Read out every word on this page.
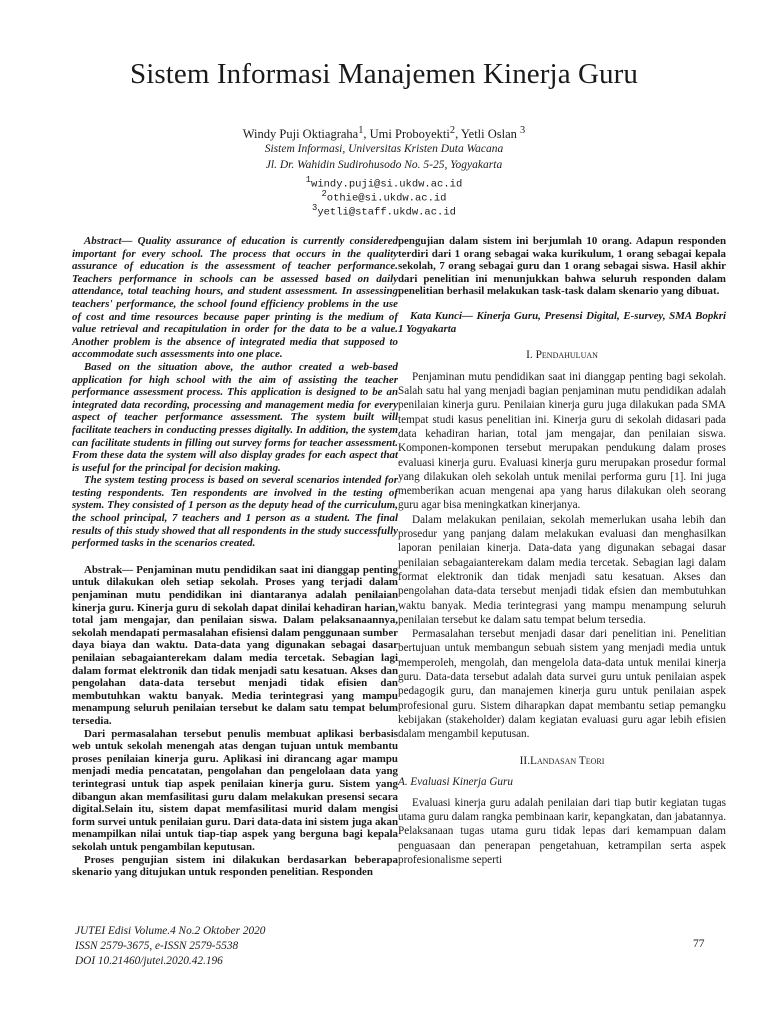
Sistem Informasi Manajemen Kinerja Guru
Windy Puji Oktiagraha$^1$, Umi Proboyekti$^2$, Yetli Oslan $^3$
Sistem Informasi, Universitas Kristen Duta Wacana
Jl. Dr. Wahidin Sudirohusodo No. 5-25, Yogyakarta
$^1$windy.puji@si.ukdw.ac.id
$^2$othie@si.ukdw.ac.id
$^3$yetli@staff.ukdw.ac.id

Abstract— Quality assurance of education is currently considered important for every school. The process that occurs in the quality assurance of education is the assessment of teacher performance. Teachers performance in schools can be assessed based on daily attendance, total teaching hours, and student assessment. In assessing teachers' performance, the school found efficiency problems in the use of cost and time resources because paper printing is the medium of value retrieval and recapitulation in order for the data to be a value. Another problem is the absence of integrated media that supposed to accommodate such assessments into one place.

Based on the situation above, the author created a web-based application for high school with the aim of assisting the teacher performance assessment process. This application is designed to be an integrated data recording, processing and management media for every aspect of teacher performance assessment. The system built will facilitate teachers in conducting presses digitally. In addition, the system can facilitate students in filling out survey forms for teacher assessment. From these data the system will also display grades for each aspect that is useful for the principal for decision making.

The system testing process is based on several scenarios intended for testing respondents. Ten respondents are involved in the testing of system. They consisted of 1 person as the deputy head of the curriculum, the school principal, 7 teachers and 1 person as a student. The final results of this study showed that all respondents in the study successfully performed tasks in the scenarios created.

Abstrak— Penjaminan mutu pendidikan saat ini dianggap penting untuk dilakukan oleh setiap sekolah. Proses yang terjadi dalam penjaminan mutu pendidikan ini diantaranya adalah penilaian kinerja guru. Kinerja guru di sekolah dapat dinilai kehadiran harian, total jam mengajar, dan penilaian siswa. Dalam pelaksanaannya, sekolah mendapati permasalahan efisiensi dalam penggunaan sumber daya biaya dan waktu. Data-data yang digunakan sebagai dasar penilaian sebagaianterekam dalam media tercetak. Sebagian lagi dalam format elektronik dan tidak menjadi satu kesatuan. Akses dan pengolahan data-data tersebut menjadi tidak efisien dan membutuhkan waktu banyak. Media terintegrasi yang mampu menampung seluruh penilaian tersebut ke dalam satu tempat belum tersedia.

Dari permasalahan tersebut penulis membuat aplikasi berbasis web untuk sekolah menengah atas dengan tujuan untuk membantu proses penilaian kinerja guru. Aplikasi ini dirancang agar mampu menjadi media pencatatan, pengolahan dan pengelolaan data yang terintegrasi untuk tiap aspek penilaian kinerja guru. Sistem yang dibangun akan memfasilitasi guru dalam melakukan presensi secara digital.Selain itu, sistem dapat memfasilitasi murid dalam mengisi form survei untuk penilaian guru. Dari data-data ini sistem juga akan menampilkan nilai untuk tiap-tiap aspek yang berguna bagi kepala sekolah untuk pengambilan keputusan.

Proses pengujian sistem ini dilakukan berdasarkan beberapa skenario yang ditujukan untuk responden penelitian. Responden

pengujian dalam sistem ini berjumlah 10 orang. Adapun responden terdiri dari 1 orang sebagai waka kurikulum, 1 orang sebagai kepala sekolah, 7 orang sebagai guru dan 1 orang sebagai siswa. Hasil akhir dari penelitian ini menunjukkan bahwa seluruh responden dalam penelitian berhasil melakukan task-task dalam skenario yang dibuat.

Kata Kunci— Kinerja Guru, Presensi Digital, E-survey, SMA Bopkri 1 Yogyakarta

I. Pendahuluan

Penjaminan mutu pendidikan saat ini dianggap penting bagi sekolah. Salah satu hal yang menjadi bagian penjaminan mutu pendidikan adalah penilaian kinerja guru. Penilaian kinerja guru juga dilakukan pada SMA tempat studi kasus penelitian ini. Kinerja guru di sekolah didasari pada data kehadiran harian, total jam mengajar, dan penilaian siswa. Komponen-komponen tersebut merupakan pendukung dalam proses evaluasi kinerja guru. Evaluasi kinerja guru merupakan prosedur formal yang dilakukan oleh sekolah untuk menilai performa guru [1]. Ini juga memberikan acuan mengenai apa yang harus dilakukan oleh seorang guru agar bisa meningkatkan kinerjanya.

Dalam melakukan penilaian, sekolah memerlukan usaha lebih dan prosedur yang panjang dalam melakukan evaluasi dan menghasilkan laporan penilaian kinerja. Data-data yang digunakan sebagai dasar penilaian sebagaianterekam dalam media tercetak. Sebagian lagi dalam format elektronik dan tidak menjadi satu kesatuan. Akses dan pengolahan data-data tersebut menjadi tidak efsien dan membutuhkan waktu banyak. Media terintegrasi yang mampu menampung seluruh penilaian tersebut ke dalam satu tempat belum tersedia.

Permasalahan tersebut menjadi dasar dari penelitian ini. Penelitian bertujuan untuk membangun sebuah sistem yang menjadi media untuk memperoleh, mengolah, dan mengelola data-data untuk menilai kinerja guru. Data-data tersebut adalah data survei guru untuk penilaian aspek pedagogik guru, dan manajemen kinerja guru untuk penilaian aspek profesional guru. Sistem diharapkan dapat membantu setiap pemangku kebijakan (stakeholder) dalam kegiatan evaluasi guru agar lebih efisien dalam mengambil keputusan.

II.Landasan Teori
A. Evaluasi Kinerja Guru

Evaluasi kinerja guru adalah penilaian dari tiap butir kegiatan tugas utama guru dalam rangka pembinaan karir, kepangkatan, dan jabatannya. Pelaksanaan tugas utama guru tidak lepas dari kemampuan dalam penguasaan dan penerapan pengetahuan, ketrampilan serta aspek profesionalisme seperti

JUTEI Edisi Volume.4 No.2 Oktober 2020
ISSN 2579-3675, e-ISSN 2579-5538
DOI 10.21460/jutei.2020.42.196
77
